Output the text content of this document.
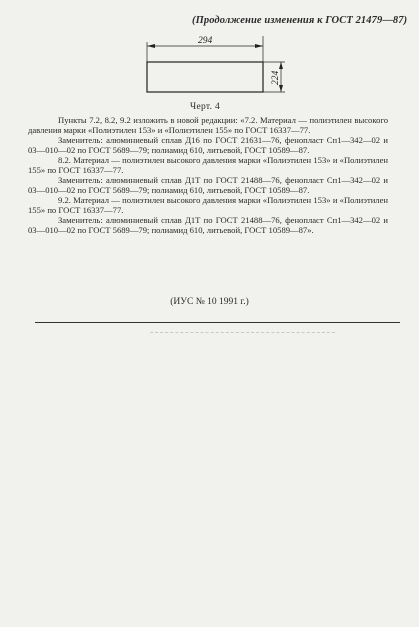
(Продолжение изменения к ГОСТ 21479—87)
294
224
Черт. 4

Пункты 7.2, 8.2, 9.2 изложить в новой редакции: «7.2. Материал — полиэтилен высокого давления марки «Полиэтилен 153» и «Полиэтилен 155» по ГОСТ 16337—77.

Заменитель: алюминиевый сплав Д16 по ГОСТ 21631—76, фенопласт Сп1—342—02 и 03—010—02 по ГОСТ 5689—79; полиамид 610, литьевой, ГОСТ 10589—87.

8.2. Материал — полиэтилен высокого давления марки «Полиэтилен 153» и «Полиэтилен 155» по ГОСТ 16337—77.

Заменитель: алюминиевый сплав Д1Т по ГОСТ 21488—76, фенопласт Сп1—342—02 и 03—010—02 по ГОСТ 5689—79; полиамид 610, литьевой, ГОСТ 10589—87.

9.2. Материал — полиэтилен высокого давления марки «Полиэтилен 153» и «Полиэтилен 155» по ГОСТ 16337—77.

Заменитель: алюминиевый сплав Д1Т по ГОСТ 21488—76, фенопласт Сп1—342—02 и 03—010—02 по ГОСТ 5689—79; полиамид 610, литьевой, ГОСТ 10589—87».

(ИУС № 10 1991 г.)
